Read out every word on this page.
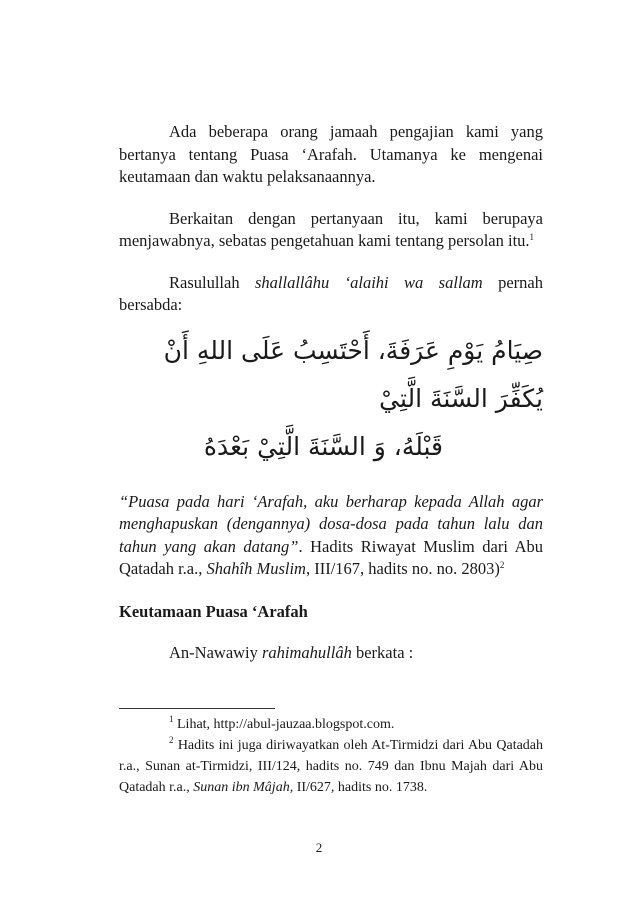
Ada beberapa orang jamaah pengajian kami yang bertanya tentang Puasa ‘Arafah. Utamanya ke mengenai keutamaan dan waktu pelaksanaannya.

Berkaitan dengan pertanyaan itu, kami berupaya menjawabnya, sebatas pengetahuan kami tentang persolan itu.$^1$

Rasulullah shallallâhu ‘alaihi wa sallam pernah bersabda:

صِيَامُ يَوْمِ عَرَفَةَ، أَحْتَسِبُ عَلَى اللهِ أَنْ يُكَفِّرَ السَّنَةَ الَّتِيْ

قَبْلَهُ، وَ السَّنَةَ الَّتِيْ بَعْدَهُ

“Puasa pada hari ‘Arafah, aku berharap kepada Allah agar menghapuskan (dengannya) dosa-dosa pada tahun lalu dan tahun yang akan datang”. Hadits Riwayat Muslim dari Abu Qatadah r.a., Shahîh Muslim, III/167, hadits no. no. 2803)$^2$

Keutamaan Puasa ‘Arafah

An-Nawawiy rahimahullâh berkata :

$^1$ Lihat, http://abul-jauzaa.blogspot.com.

$^2$ Hadits ini juga diriwayatkan oleh At-Tirmidzi dari Abu Qatadah r.a., Sunan at-Tirmidzi, III/124, hadits no. 749 dan Ibnu Majah dari Abu Qatadah r.a., Sunan ibn Mâjah, II/627, hadits no. 1738.

2
